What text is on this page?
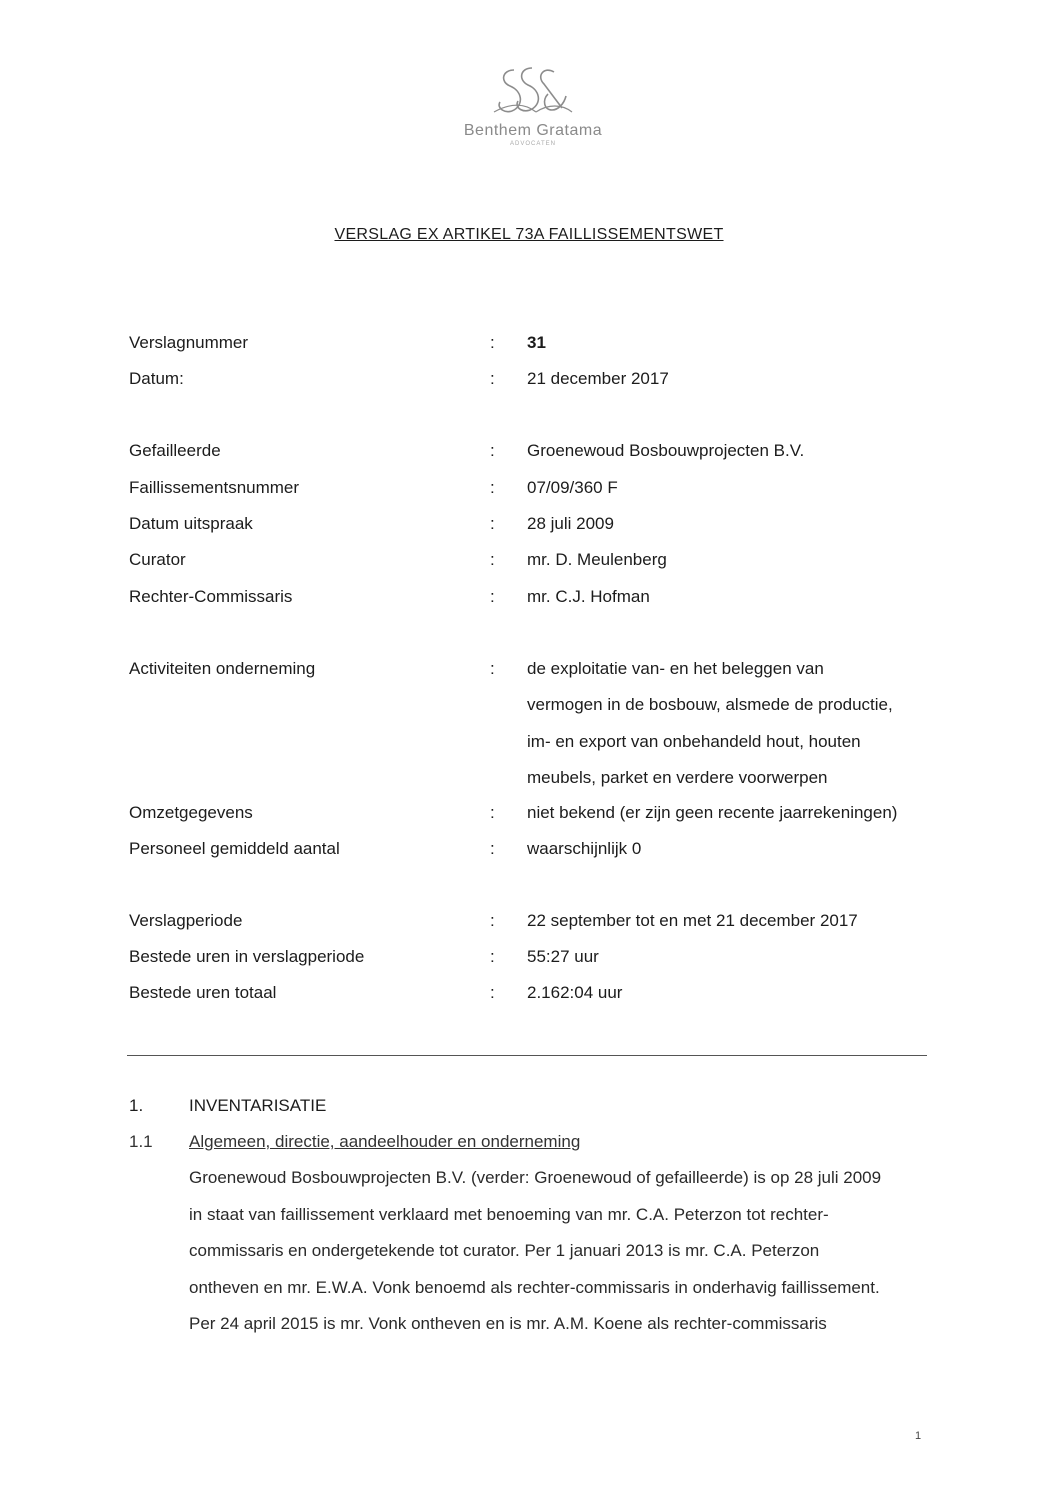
Benthem Gratama
ADVOCATEN
VERSLAG EX ARTIKEL 73A FAILLISSEMENTSWET
Verslagnummer	: 31
Datum:	: 21 december 2017
Gefailleerde	: Groenewoud Bosbouwprojecten B.V.
Faillissementsnummer	: 07/09/360 F
Datum uitspraak	: 28 juli 2009
Curator	: mr. D. Meulenberg
Rechter-Commissaris	: mr. C.J. Hofman
Activiteiten onderneming	: de exploitatie van- en het beleggen van
vermogen in de bosbouw, alsmede de productie,
im- en export van onbehandeld hout, houten
meubels, parket en verdere voorwerpen
Omzetgegevens	: niet bekend (er zijn geen recente jaarrekeningen)
Personeel gemiddeld aantal	: waarschijnlijk 0
Verslagperiode	: 22 september tot en met 21 december 2017
Bestede uren in verslagperiode	: 55:27 uur
Bestede uren totaal	: 2.162:04 uur
1.	INVENTARISATIE
1.1 Algemeen, directie, aandeelhouder en onderneming
Groenewoud Bosbouwprojecten B.V. (verder: Groenewoud of gefailleerde) is op 28 juli 2009
in staat van faillissement verklaard met benoeming van mr. C.A. Peterzon tot rechter-
commissaris en ondergetekende tot curator. Per 1 januari 2013 is mr. C.A. Peterzon
ontheven en mr. E.W.A. Vonk benoemd als rechter-commissaris in onderhavig faillissement.
Per 24 april 2015 is mr. Vonk ontheven en is mr. A.M. Koene als rechter-commissaris
1
